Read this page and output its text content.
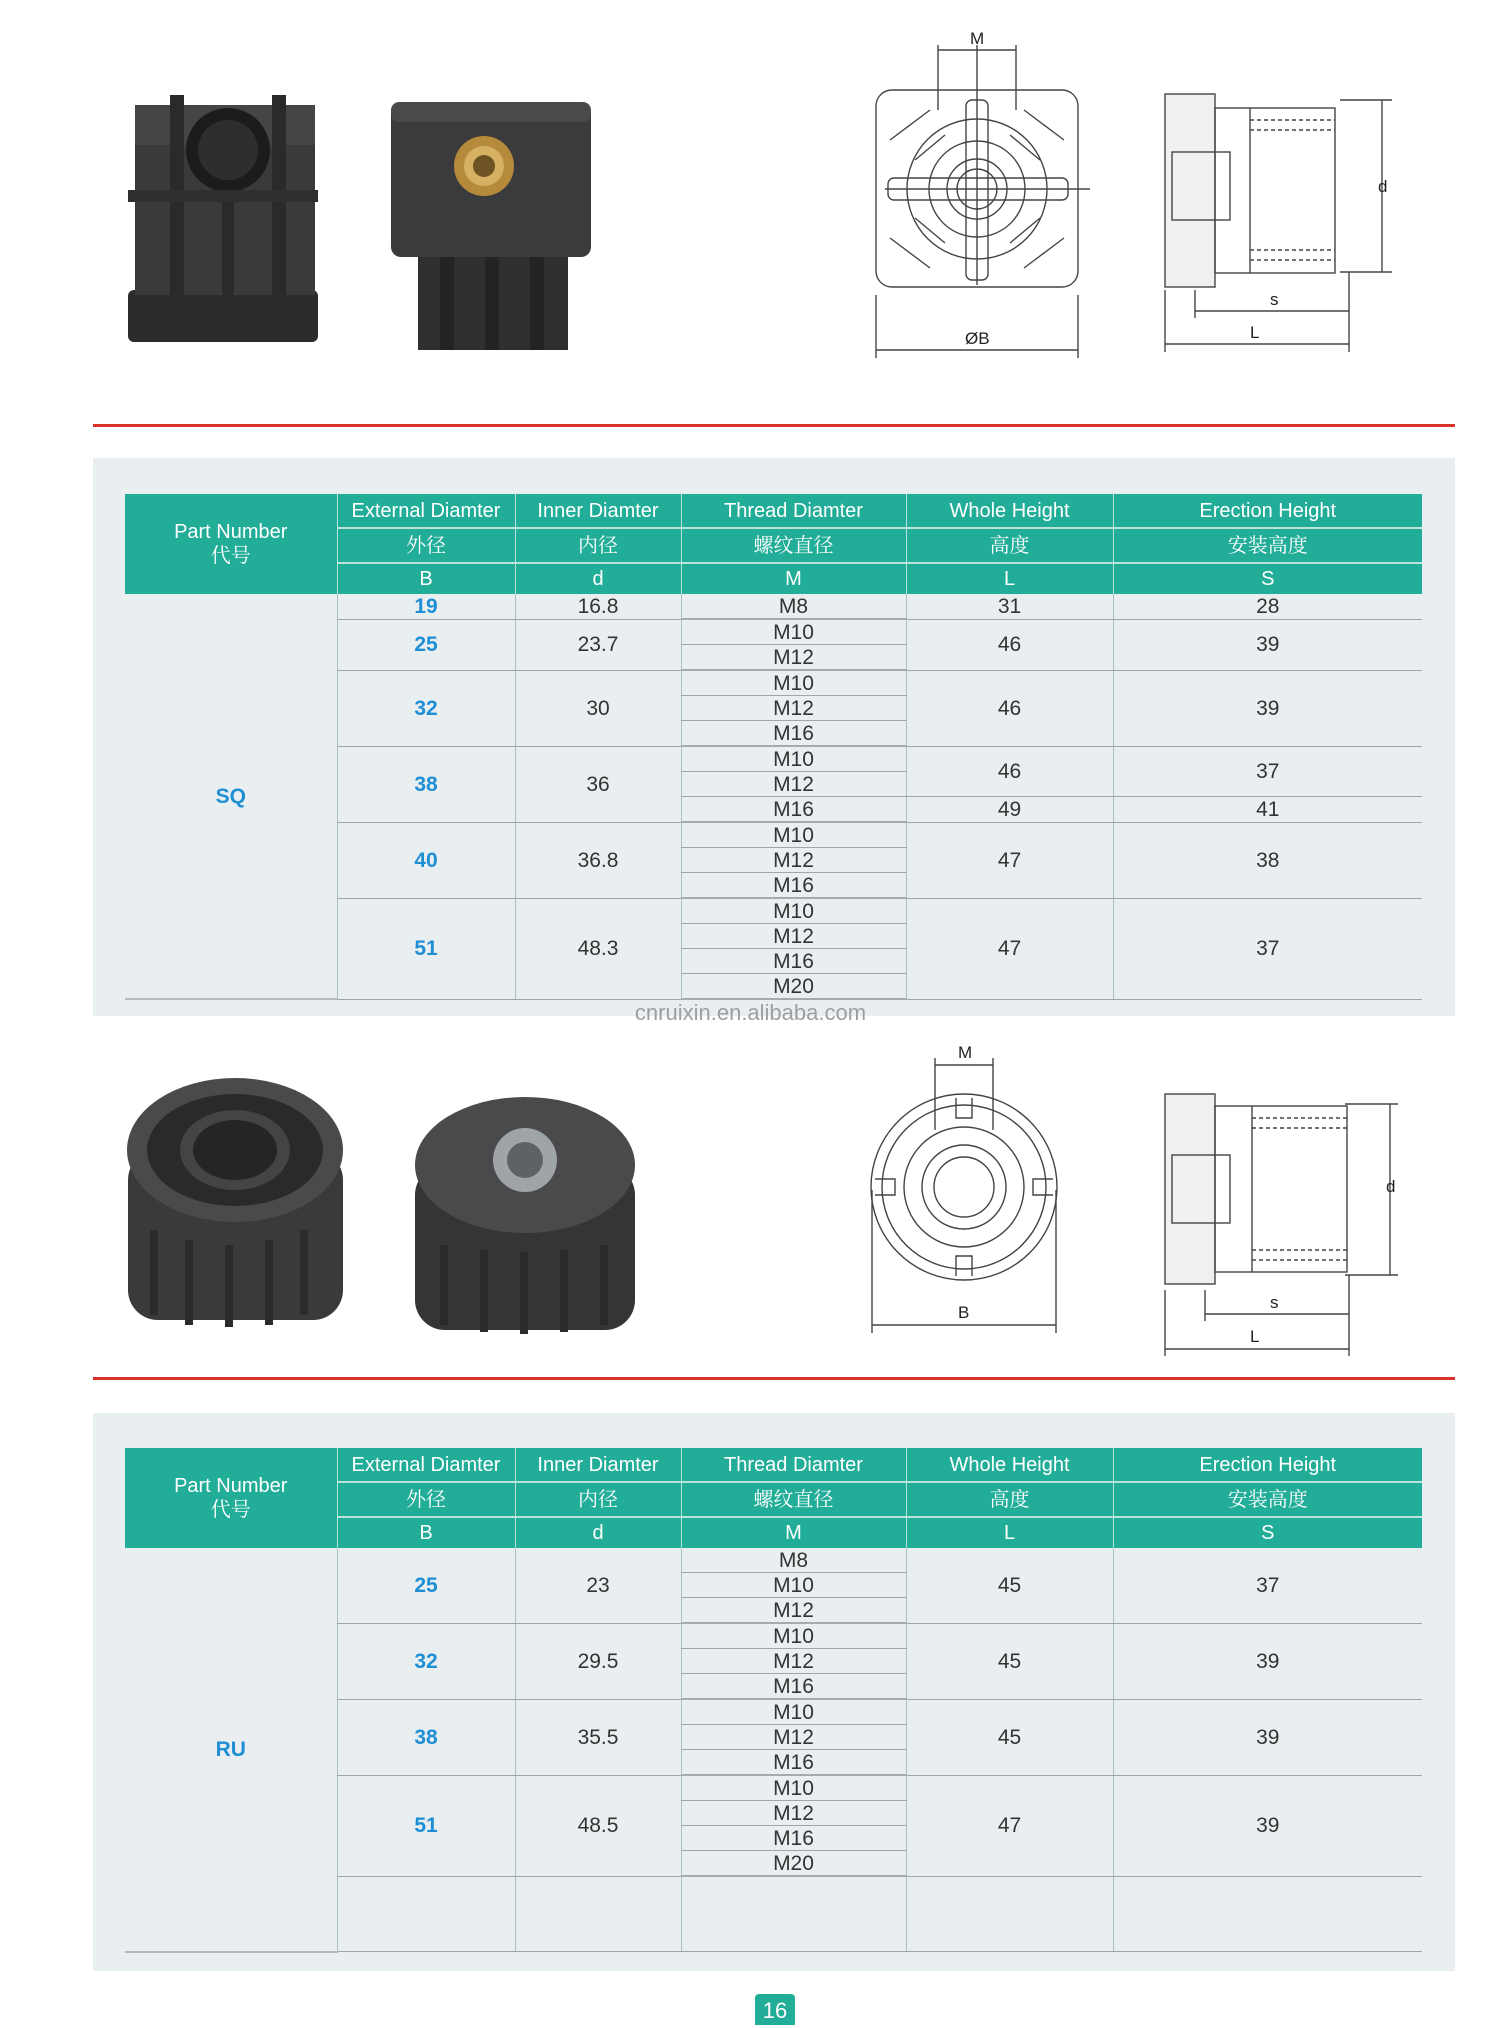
M
ØB
d
s
L
M
B
d
s
L
Part Number
代号	External Diamter	Inner Diamter	Thread Diamter	Whole Height	Erection Height
	外径	内径	螺纹直径	高度	安装高度
	B	d	M	L	S
SQ	19	16.8	M8	31	28
	25	23.7	M10	46	39
			M12		
	32	30	M10	46	39
			M12		
			M16		
	38	36	M10	46	37
			M12		
			M16	49	41
	40	36.8	M10	47	38
			M12		
			M16		
	51	48.3	M10	47	37
			M12		
			M16		
			M20		
cnruixin.en.alibaba.com
Part Number
代号	External Diamter	Inner Diamter	Thread Diamter	Whole Height	Erection Height
	外径	内径	螺纹直径	高度	安装高度
	B	d	M	L	S
RU	25	23	M8	45	37
			M10		
			M12		
	32	29.5	M10	45	39
			M12		
			M16		
	38	35.5	M10	45	39
			M12		
			M16		
	51	48.5	M10	47	39
			M12		
			M16		
			M20		

16
